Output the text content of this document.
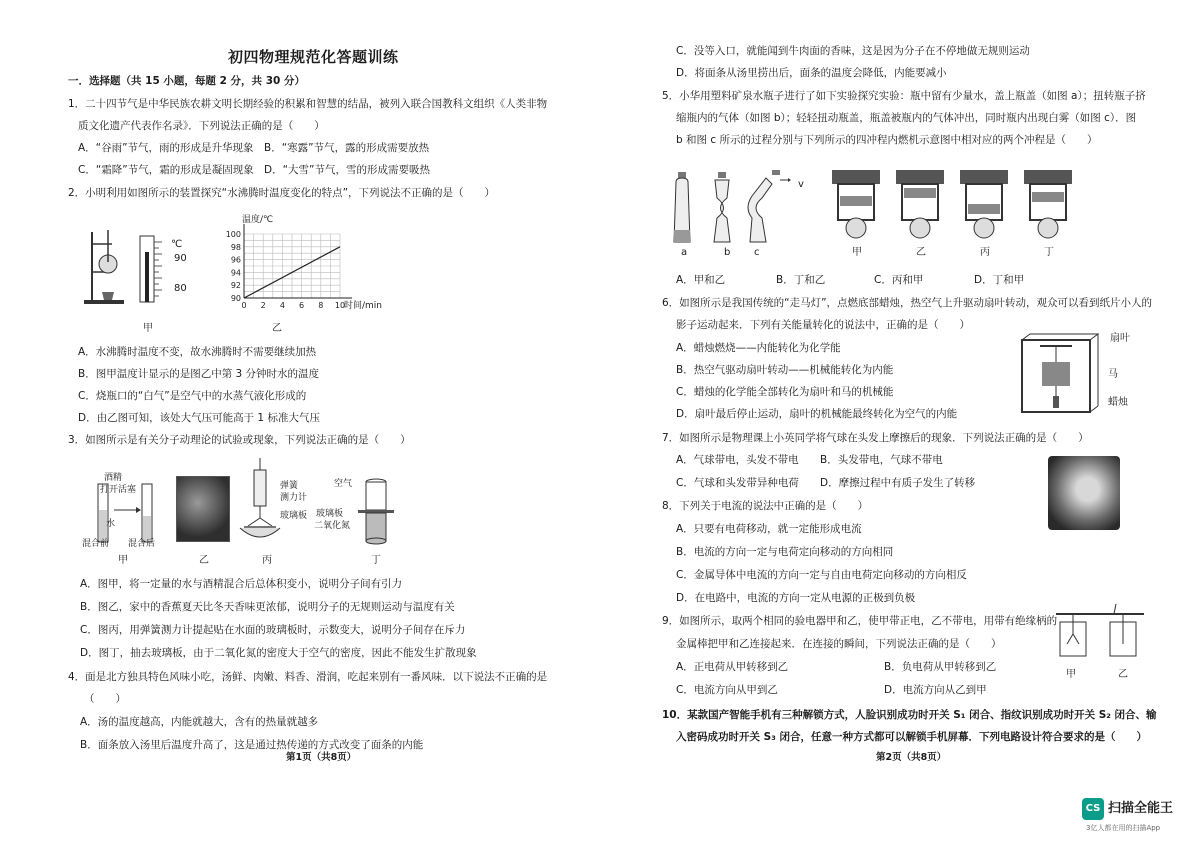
初四物理规范化答题训练
一．选择题（共 15 小题，每题 2 分，共 30 分）
1．二十四节气是中华民族农耕文明长期经验的积累和智慧的结晶，被列入联合国教科文组织《人类非物
质文化遗产代表作名录》．下列说法正确的是（　　）
A．“谷雨”节气，雨的形成是升华现象 B．“寒露”节气，露的形成需要放热
C．“霜降”节气，霜的形成是凝固现象 D．“大雪”节气，雪的形成需要吸热
2．小明利用如图所示的装置探究“水沸腾时温度变化的特点”，下列说法不正确的是（　　）
℃
90
80
甲
90
92
94
96
98
100
0 2 4 6 8 10
温度/℃
时间/min
乙
A．水沸腾时温度不变，故水沸腾时不需要继续加热
B．图甲温度计显示的是图乙中第 3 分钟时水的温度
C．烧瓶口的“白气”是空气中的水蒸气液化形成的
D．由乙图可知，该处大气压可能高于 1 标准大气压
3．如图所示是有关分子动理论的试验或现象，下列说法正确的是（　　）
酒精
打开活塞
水
混合前 混合后
甲	乙
弹簧
测力计
玻璃板
丙
空气
玻璃板
二氧化氮
丁
A．图甲，将一定量的水与酒精混合后总体积变小，说明分子间有引力
B．图乙，家中的香蕉夏天比冬天香味更浓郁，说明分子的无规则运动与温度有关
C．图丙，用弹簧测力计提起贴在水面的玻璃板时，示数变大，说明分子间存在斥力
D．图丁，抽去玻璃板，由于二氧化氮的密度大于空气的密度，因此不能发生扩散现象
4．面是北方独具特色风味小吃，汤鲜、肉嫩、料香、滑润，吃起来别有一番风味．以下说法不正确的是
（　　）
A．汤的温度越高，内能就越大，含有的热量就越多
B．面条放入汤里后温度升高了，这是通过热传递的方式改变了面条的内能
第1页（共8页）
C．没等入口，就能闻到牛肉面的香味，这是因为分子在不停地做无规则运动
D．将面条从汤里捞出后，面条的温度会降低，内能要减小
5．小华用塑料矿泉水瓶子进行了如下实验探究实验：瓶中留有少量水，盖上瓶盖（如图 a）；扭转瓶子挤
缩瓶内的气体（如图 b）；轻轻扭动瓶盖，瓶盖被瓶内的气体冲出，同时瓶内出现白雾（如图 c）．图
b 和图 c 所示的过程分别与下列所示的四冲程内燃机示意图中相对应的两个冲程是（　　）
a	b c
v
甲	乙	丙	丁
A．甲和乙	B．丁和乙	C．丙和甲	D．丁和甲
6．如图所示是我国传统的“走马灯”，点燃底部蜡烛，热空气上升驱动扇叶转动，观众可以看到纸片小人的
影子运动起来．下列有关能量转化的说法中，正确的是（　　）
A．蜡烛燃烧——内能转化为化学能
B．热空气驱动扇叶转动——机械能转化为内能
C．蜡烛的化学能全部转化为扇叶和马的机械能
D．扇叶最后停止运动，扇叶的机械能最终转化为空气的内能
扇叶
马
蜡烛
7．如图所示是物理课上小英同学将气球在头发上摩擦后的现象．下列说法正确的是（　　）
A．气球带电，头发不带电 B．头发带电，气球不带电
C．气球和头发带异种电荷 D．摩擦过程中有质子发生了转移
8．下列关于电流的说法中正确的是（　　）
A．只要有电荷移动，就一定能形成电流
B．电流的方向一定与电荷定向移动的方向相同
C．金属导体中电流的方向一定与自由电荷定向移动的方向相反
D．在电路中，电流的方向一定从电源的正极到负极
9．如图所示，取两个相同的验电器甲和乙，使甲带正电，乙不带电，用带有绝缘柄的
金属棒把甲和乙连接起来．在连接的瞬间，下列说法正确的是（　　）
A．正电荷从甲转移到乙	B．负电荷从甲转移到乙
C．电流方向从甲到乙	D．电流方向从乙到甲
甲	乙
10．某款国产智能手机有三种解锁方式，人脸识别成功时开关 S₁ 闭合、指纹识别成功时开关 S₂ 闭合、输
入密码成功时开关 S₃ 闭合，任意一种方式都可以解锁手机屏幕．下列电路设计符合要求的是（　　）
第2页（共8页）
CS 扫描全能王
3亿人都在用的扫描App
